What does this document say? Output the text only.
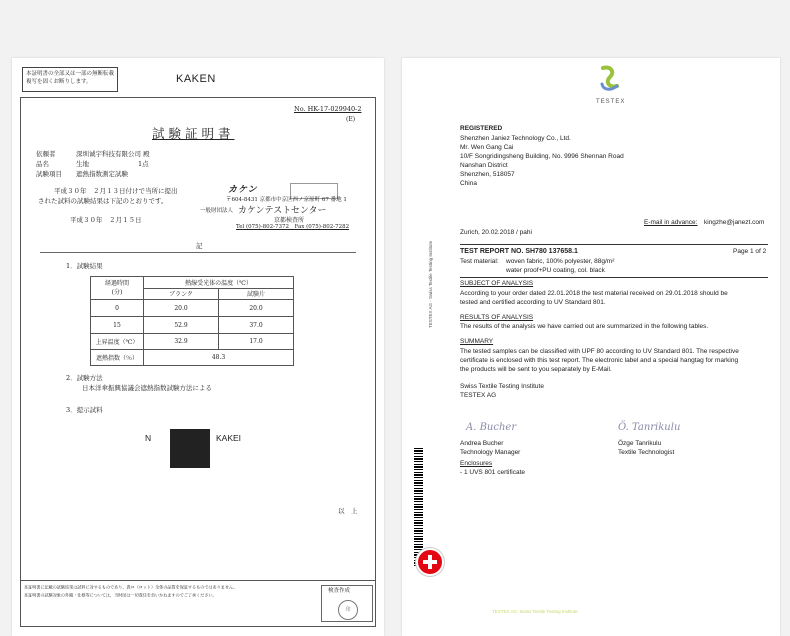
本証明書の全部又は一部の無断転載複写を固くお断りします。	KAKEN
No. HK-17-029940-2
(E)
試験証明書
依頼者	深圳诚宇科技有限公司 殿
品名	生地	1点
試験項目 遮熱指数測定試験
平成３０年　２月１３日付けで当所に提出
された試料の試験結果は下記のとおりです。
平成３０年　２月１５日
カケン
〒604-8431 京都市中京区西ノ京原町 67 番地 1
一般財団法人 カケンテストセンター
京都検査所
Tel (075)-802-7372　Fax (075)-802-7282
記
1．試験結果
経過時間
(分)	熱線受光体の温度（℃）	
	ブランク	試験片
0	20.0	20.0
15	52.9	37.0
上昇温度（℃）	32.9	17.0
遮熱指数（％）	48.3	
2．試験方法
日本洋傘振興協議会遮熱指数試験方法による
3．提示試料
N	KAKEI
以　上
本証明書に記載の試験結果は試料に対するものであり，貴ロ（ロット）全体の品質を保証するものではありません。
本証明書の試験対象の外観・仕様等については，当財団は一切責任を負いかねますのでご了承ください。
検査作成
印
TESTEX
REGISTERED
Shenzhen Janiez Technology Co., Ltd.
Mr. Wen Gang Cai
10/F Songridingsheng Building, No. 9996 Shennan Road
Nanshan District
Shenzhen, 518057
China
TESTEX AG · Swiss Textile Testing Institute
E-mail in advance: kingzhe@janezt.com
Zurich, 20.02.2018 / pahi
TEST REPORT NO. SH780 137658.1	Page 1 of 2
Test material: woven fabric, 100% polyester, 88g/m²
water proof+PU coating, col. black
SUBJECT OF ANALYSIS
According to your order dated 22.01.2018 the test material received on 29.01.2018 should be
tested and certified according to UV Standard 801.
RESULTS OF ANALYSIS
The results of the analysis we have carried out are summarized in the following tables.
SUMMARY
The tested samples can be classified with UPF 80 according to UV Standard 801. The respective
certificate is enclosed with this test report. The electronic label and a special hangtag for marking
the products will be sent to you separately by E-Mail.
Swiss Textile Testing Institute
TESTEX AG
A. Bucher	Ö. Tanrikulu
Andrea Bucher
Technology Manager
Özge Tanrikulu
Textile Technologist
Enclosures
- 1 UVS 801 certificate
TESTEX AG, Swiss Textile Testing Institute
